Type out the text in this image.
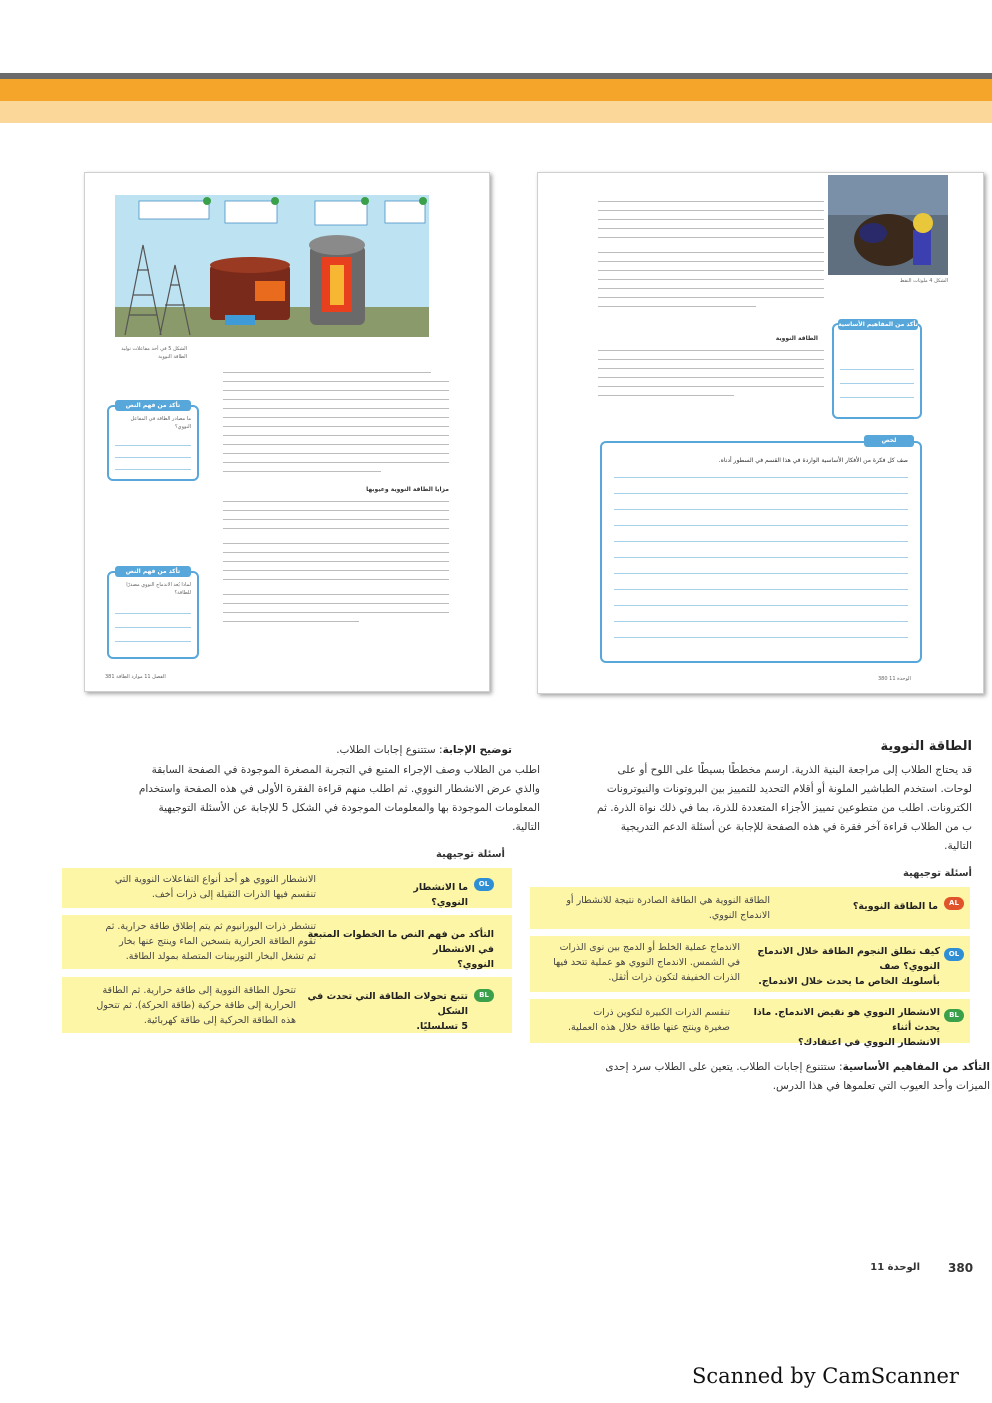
الشكل 5 في أحد مفاعلات توليد الطاقة النووية
مزايا الطاقة النووية وعيوبها
تأكد من فهم النص
ما مصادر الطاقة في المفاعل النووي؟
تأكد من فهم النص
لماذا يُعد الاندماج النووي مصدرًا للطاقة؟
الفصل 11 موارد الطاقة 381
الشكل 4 ملوثات النفط
الطاقة النووية
تأكد من المفاهيم الأساسية
لخص
صف كل فكرة من الأفكار الأساسية الواردة في هذا القسم في السطور أدناه.
الوحدة 11 380
الطاقة النووية
قد يحتاج الطلاب إلى مراجعة البنية الذرية. ارسم مخططًا بسيطًا على اللوح أو على
لوحات. استخدم الطباشير الملونة أو أقلام التحديد للتمييز بين البروتونات والنيوترونات
الكترونات. اطلب من متطوعين تمييز الأجزاء المتعددة للذرة، بما في ذلك نواة الذرة. ثم
ب من الطلاب قراءة آخر فقرة في هذه الصفحة للإجابة عن أسئلة الدعم التدريجية
التالية.
أسئلة توجيهية
AL
ما الطاقة النووية؟
الطاقة النووية هي الطاقة الصادرة نتيجة للانشطار أو
الاندماج النووي.
OL
كيف تطلق النجوم الطاقة خلال الاندماج النووي؟ صف
بأسلوبك الخاص ما يحدث خلال الاندماج.
الاندماج عملية الخلط أو الدمج بين نوى الذرات
في الشمس. الاندماج النووي هو عملية تتحد فيها
الذرات الخفيفة لتكون ذرات أثقل.
BL
الانشطار النووي هو نقيض الاندماج. ماذا يحدث أثناء
الانشطار النووي في اعتقادك؟
تنقسم الذرات الكبيرة لتكوين ذرات
صغيرة وينتج عنها طاقة خلال هذه العملية.
التأكد من المفاهيم الأساسية: ستتنوع إجابات الطلاب. يتعين على الطلاب سرد إحدى
الميزات وأحد العيوب التي تعلموها في هذا الدرس.
توضيح الإجابة: ستتنوع إجابات الطلاب.
اطلب من الطلاب وصف الإجراء المتبع في التجربة المصغرة الموجودة في الصفحة السابقة
والذي عرض الانشطار النووي. ثم اطلب منهم قراءة الفقرة الأولى في هذه الصفحة واستخدام
المعلومات الموجودة بها والمعلومات الموجودة في الشكل 5 للإجابة عن الأسئلة التوجيهية
التالية.
أسئلة توجيهية
OL
ما الانشطار النووي؟
الانشطار النووي هو أحد أنواع التفاعلات النووية التي
تنقسم فيها الذرات الثقيلة إلى ذرات أخف.
التأكد من فهم النص ما الخطوات المتبعة في الانشطار
النووي؟
تنشطر ذرات اليورانيوم ثم يتم إطلاق طاقة حرارية. ثم
تقوم الطاقة الحرارية بتسخين الماء وينتج عنها بخار
ثم تشغل البخار التوربينات المتصلة بمولد الطاقة.
BL
تتبع تحولات الطاقة التي تحدث في الشكل
5 تسلسليًا.
تتحول الطاقة النووية إلى طاقة حرارية. ثم الطاقة
الحرارية إلى طاقة حركية (طاقة الحركة). ثم تتحول
هذه الطاقة الحركية إلى طاقة كهربائية.
380
الوحدة 11
Scanned by CamScanner
